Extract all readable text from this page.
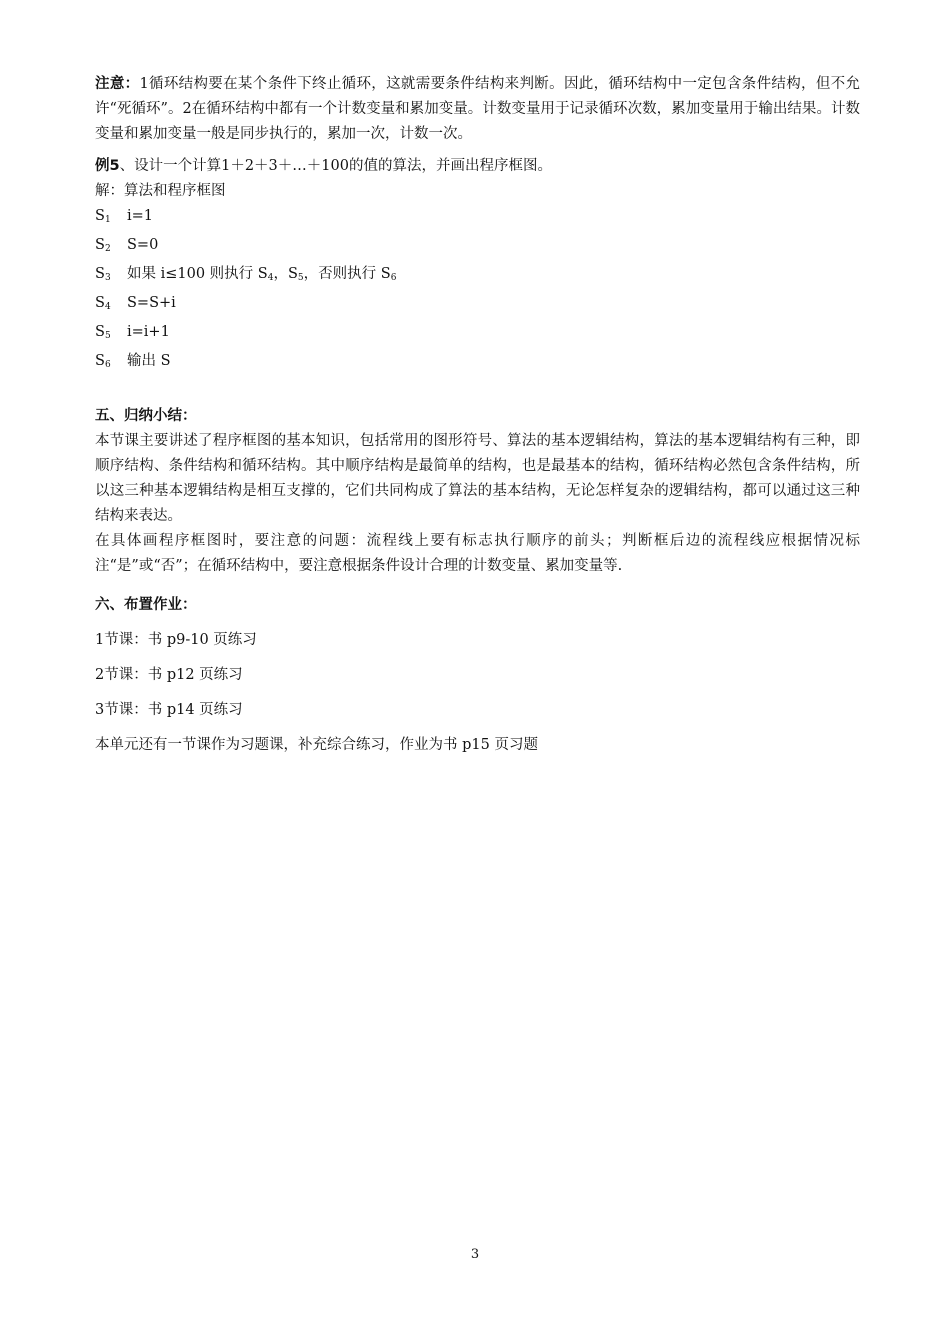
注意：1循环结构要在某个条件下终止循环，这就需要条件结构来判断。因此，循环结构中一定包含条件结构，但不允许“死循环”。2在循环结构中都有一个计数变量和累加变量。计数变量用于记录循环次数，累加变量用于输出结果。计数变量和累加变量一般是同步执行的，累加一次，计数一次。

例5、设计一个计算1＋2＋3＋…＋100的值的算法，并画出程序框图。

解：算法和程序框图

$S_1$ i=1

$S_2$ S=0

$S_3$ 如果 i≤100 则执行 $S_4$，$S_5$，否则执行 $S_6$

$S_4$ S=S+i

$S_5$ i=i+1

$S_6$ 输出 S

五、归纳小结：

本节课主要讲述了程序框图的基本知识，包括常用的图形符号、算法的基本逻辑结构，算法的基本逻辑结构有三种，即顺序结构、条件结构和循环结构。其中顺序结构是最简单的结构，也是最基本的结构，循环结构必然包含条件结构，所以这三种基本逻辑结构是相互支撑的，它们共同构成了算法的基本结构，无论怎样复杂的逻辑结构，都可以通过这三种结构来表达。

在具体画程序框图时，要注意的问题：流程线上要有标志执行顺序的前头；判断框后边的流程线应根据情况标注“是”或“否”；在循环结构中，要注意根据条件设计合理的计数变量、累加变量等.

六、布置作业：

1节课：书 p9-10 页练习

2节课：书 p12 页练习

3节课：书 p14 页练习

本单元还有一节课作为习题课，补充综合练习，作业为书 p15 页习题

3
